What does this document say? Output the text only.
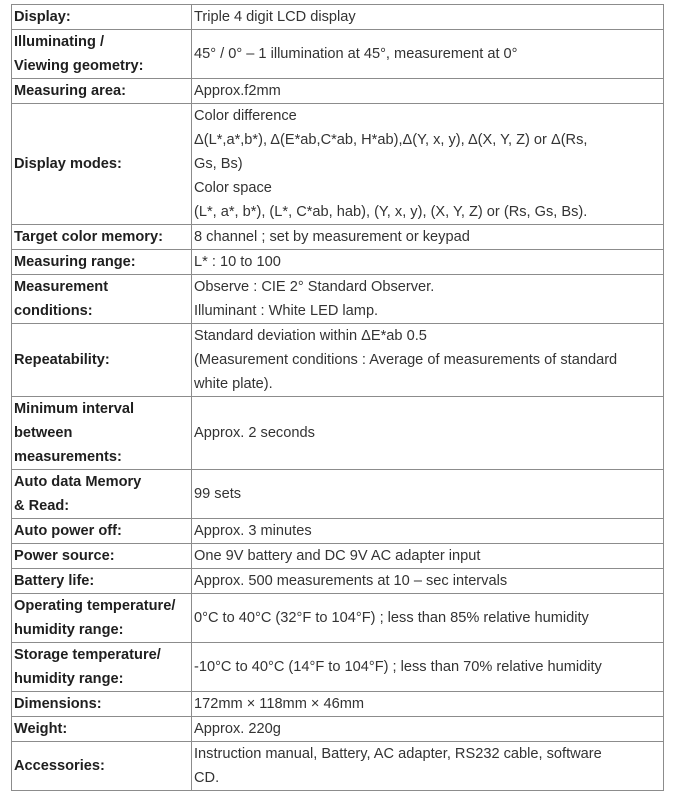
Display:	Triple 4 digit LCD display

Illuminating /
Viewing geometry:	45° / 0° – 1 illumination at 45°, measurement at 0°

Measuring area:	Approx.f2mm

Display modes:	Color difference
Δ(L*,a*,b*), Δ(E*ab,C*ab, H*ab),Δ(Y, x, y), Δ(X, Y, Z) or Δ(Rs,
Gs, Bs)
Color space
(L*, a*, b*), (L*, C*ab, hab), (Y, x, y), (X, Y, Z) or (Rs, Gs, Bs).

Target color memory:	8 channel ; set by measurement or keypad

Measuring range:	L* : 10 to 100

Measurement
conditions:	Observe : CIE 2° Standard Observer.
Illuminant : White LED lamp.

Repeatability:	Standard deviation within ΔE*ab 0.5
(Measurement conditions : Average of measurements of standard
white plate).

Minimum interval
between
measurements:	Approx. 2 seconds

Auto data Memory
& Read:	99 sets

Auto power off:	Approx. 3 minutes

Power source:	One 9V battery and DC 9V AC adapter input

Battery life:	Approx. 500 measurements at 10 – sec intervals

Operating temperature/
humidity range:	0°C to 40°C (32°F to 104°F) ; less than 85% relative humidity

Storage temperature/
humidity range:	-10°C to 40°C (14°F to 104°F) ; less than 70% relative humidity

Dimensions:	172mm × 118mm × 46mm

Weight:	Approx. 220g

Accessories:	Instruction manual, Battery, AC adapter, RS232 cable, software
CD.
